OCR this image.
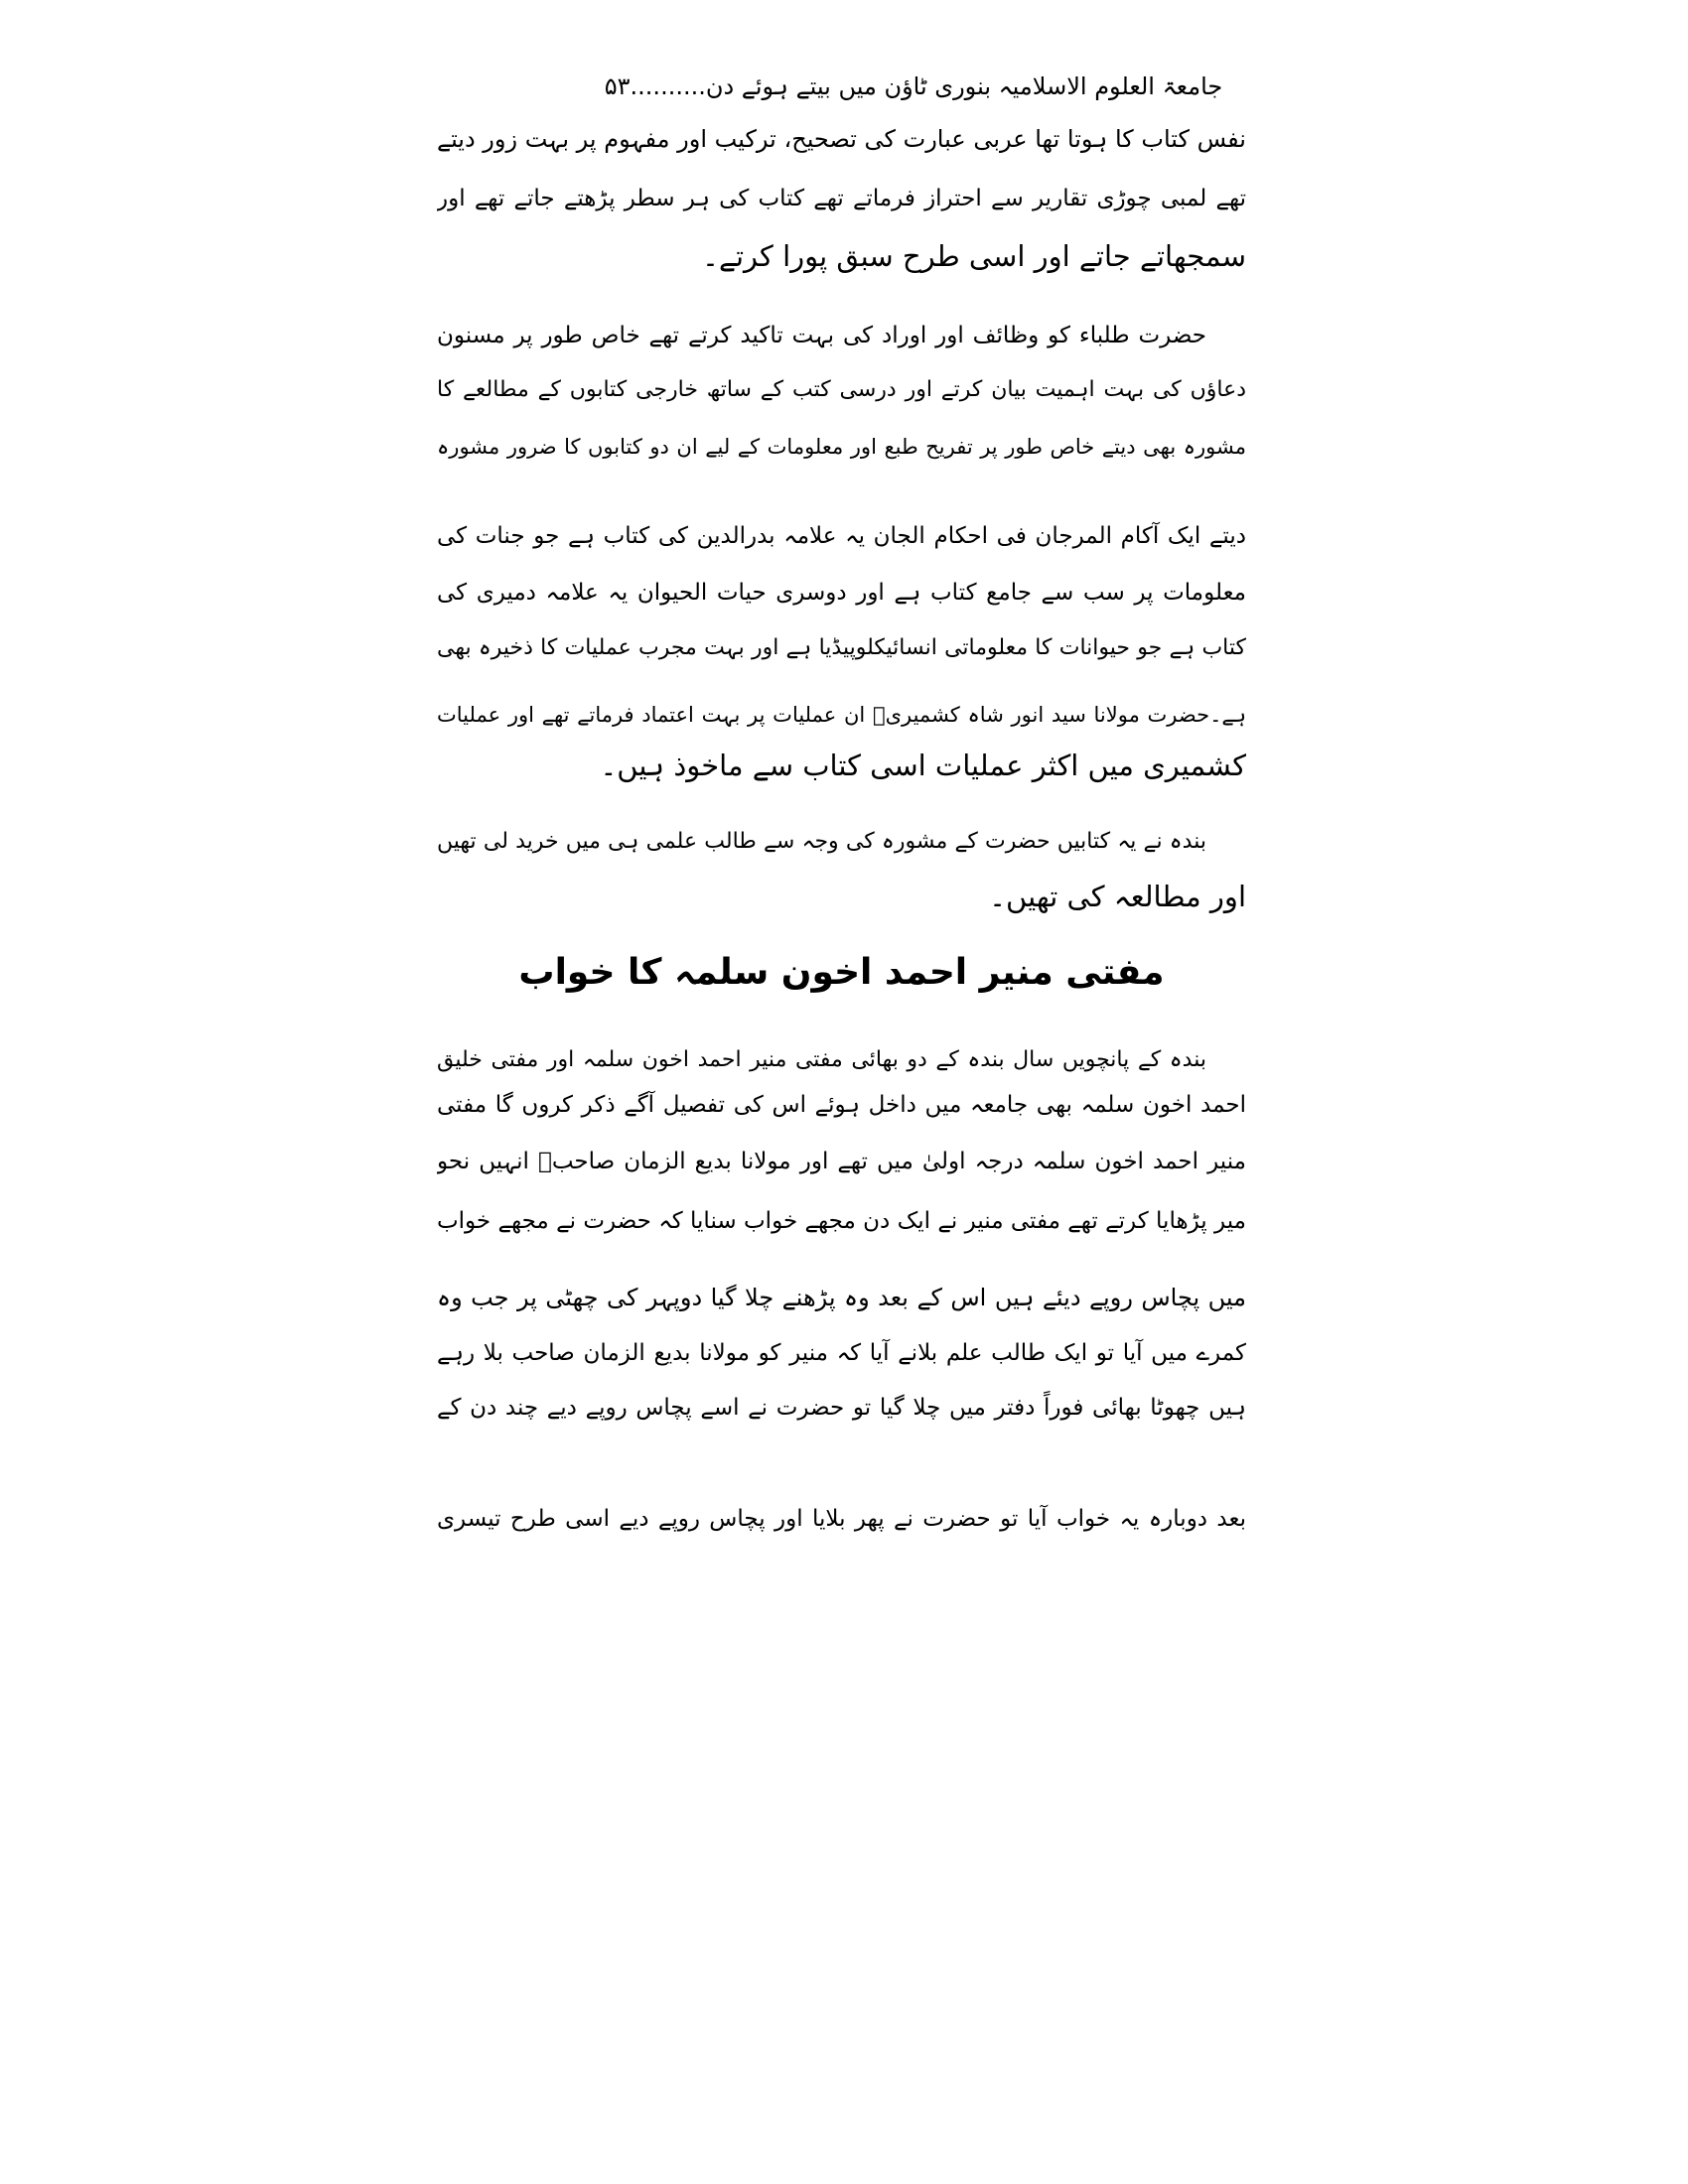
جامعۃ العلوم الاسلامیہ بنوری ٹاؤن میں بیتے ہوئے دن..........۵۳
نفس کتاب کا ہوتا تھا عربی عبارت کی تصحیح، ترکیب اور مفہوم پر بہت زور دیتے
تھے لمبی چوڑی تقاریر سے احتراز فرماتے تھے کتاب کی ہر سطر پڑھتے جاتے تھے اور
سمجھاتے جاتے اور اسی طرح سبق پورا کرتے۔
حضرت طلباء کو وظائف اور اوراد کی بہت تاکید کرتے تھے خاص طور پر مسنون
دعاؤں کی بہت اہمیت بیان کرتے اور درسی کتب کے ساتھ خارجی کتابوں کے مطالعے کا
مشورہ بھی دیتے خاص طور پر تفریح طبع اور معلومات کے لیے ان دو کتابوں کا ضرور مشورہ
دیتے ایک آکام المرجان فی احکام الجان یہ علامہ بدرالدین کی کتاب ہے جو جنات کی
معلومات پر سب سے جامع کتاب ہے اور دوسری حیات الحیوان یہ علامہ دمیری کی
کتاب ہے جو حیوانات کا معلوماتی انسائیکلوپیڈیا ہے اور بہت مجرب عملیات کا ذخیرہ بھی
ہے۔حضرت مولانا سید انور شاہ کشمیریؒ ان عملیات پر بہت اعتماد فرماتے تھے اور عملیات
کشمیری میں اکثر عملیات اسی کتاب سے ماخوذ ہیں۔
بندہ نے یہ کتابیں حضرت کے مشورہ کی وجہ سے طالب علمی ہی میں خرید لی تھیں
اور مطالعہ کی تھیں۔
مفتی منیر احمد اخون سلمہ کا خواب
بندہ کے پانچویں سال بندہ کے دو بھائی مفتی منیر احمد اخون سلمہ اور مفتی خلیق
احمد اخون سلمہ بھی جامعہ میں داخل ہوئے اس کی تفصیل آگے ذکر کروں گا مفتی
منیر احمد اخون سلمہ درجہ اولیٰ میں تھے اور مولانا بدیع الزمان صاحبؒ انہیں نحو
میر پڑھایا کرتے تھے مفتی منیر نے ایک دن مجھے خواب سنایا کہ حضرت نے مجھے خواب
میں پچاس روپے دیئے ہیں اس کے بعد وہ پڑھنے چلا گیا دوپہر کی چھٹی پر جب وہ
کمرے میں آیا تو ایک طالب علم بلانے آیا کہ منیر کو مولانا بدیع الزمان صاحب بلا رہے
ہیں چھوٹا بھائی فوراً دفتر میں چلا گیا تو حضرت نے اسے پچاس روپے دیے چند دن کے
بعد دوبارہ یہ خواب آیا تو حضرت نے پھر بلایا اور پچاس روپے دیے اسی طرح تیسری
